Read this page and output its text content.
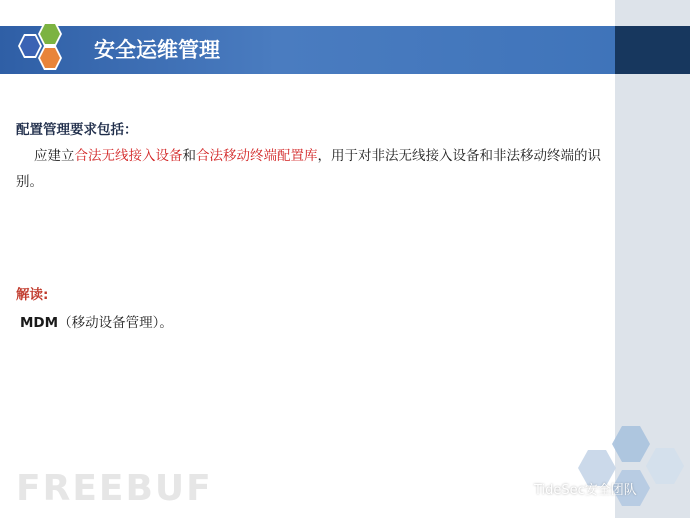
安全运维管理
配置管理要求包括：
应建立合法无线接入设备和合法移动终端配置库，用于对非法无线接入设备和非法移动终端的识别。
解读:
MDM（移动设备管理）。
FREEBUF	TideSec安全团队
